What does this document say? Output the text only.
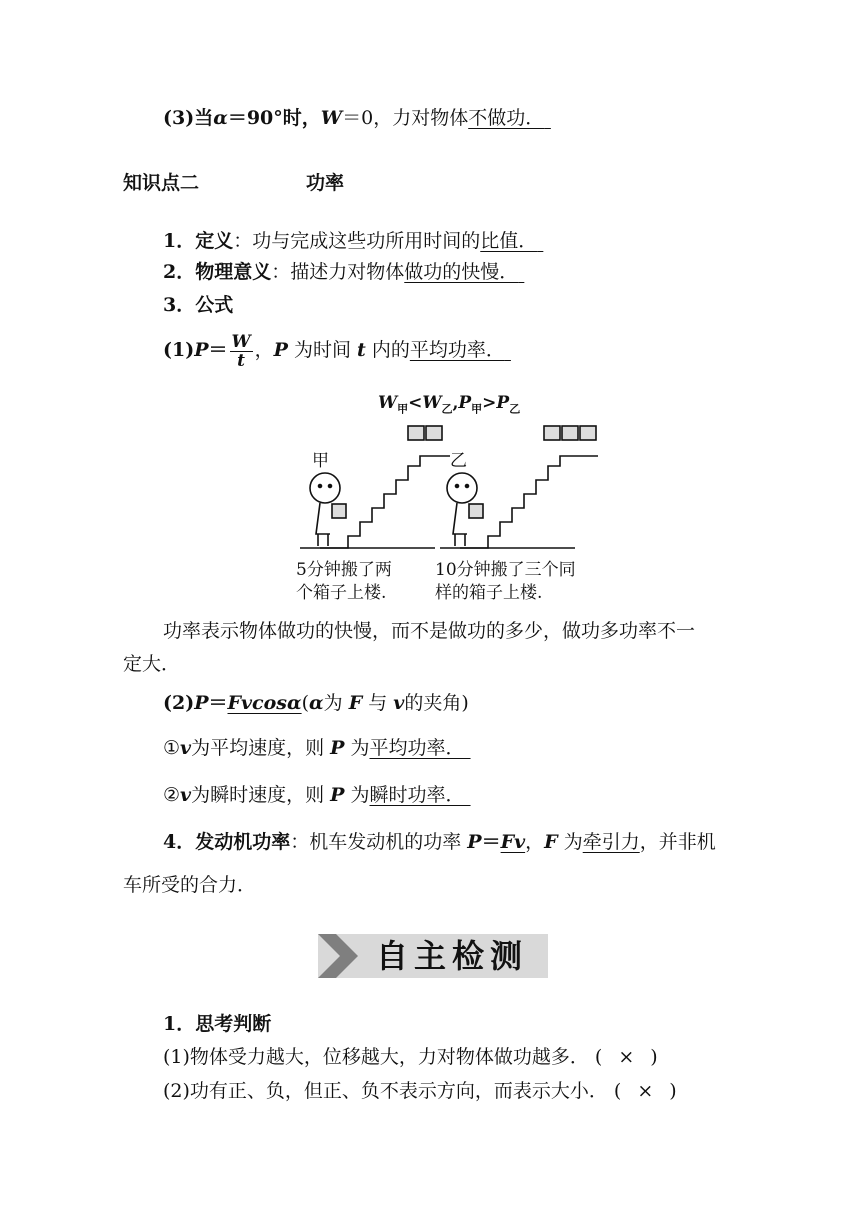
(3)当α＝90°时，W＝0，力对物体不做功．
知识点二	功率
1．定义：功与完成这些功所用时间的比值．
2．物理意义：描述力对物体做功的快慢．
3．公式
$(1)P= \frac{W}{t}$ ，P 为时间 t 内的平均功率．
$W_甲<W_乙,P_甲>P_乙$
甲	乙
5分钟搬了两
个箱子上楼.
10分钟搬了三个同
样的箱子上楼.
功率表示物体做功的快慢，而不是做功的多少，做功多功率不一
定大．
(2)P＝Fvcosα(α为 F 与 v的夹角)
①v为平均速度，则 P 为平均功率．
②v为瞬时速度，则 P 为瞬时功率．
4．发动机功率：机车发动机的功率 P＝Fv，F 为牵引力，并非机
车所受的合力．
自主检测
1．思考判断
(1)物体受力越大，位移越大，力对物体做功越多． ( × )
(2)功有正、负，但正、负不表示方向，而表示大小． ( × )
